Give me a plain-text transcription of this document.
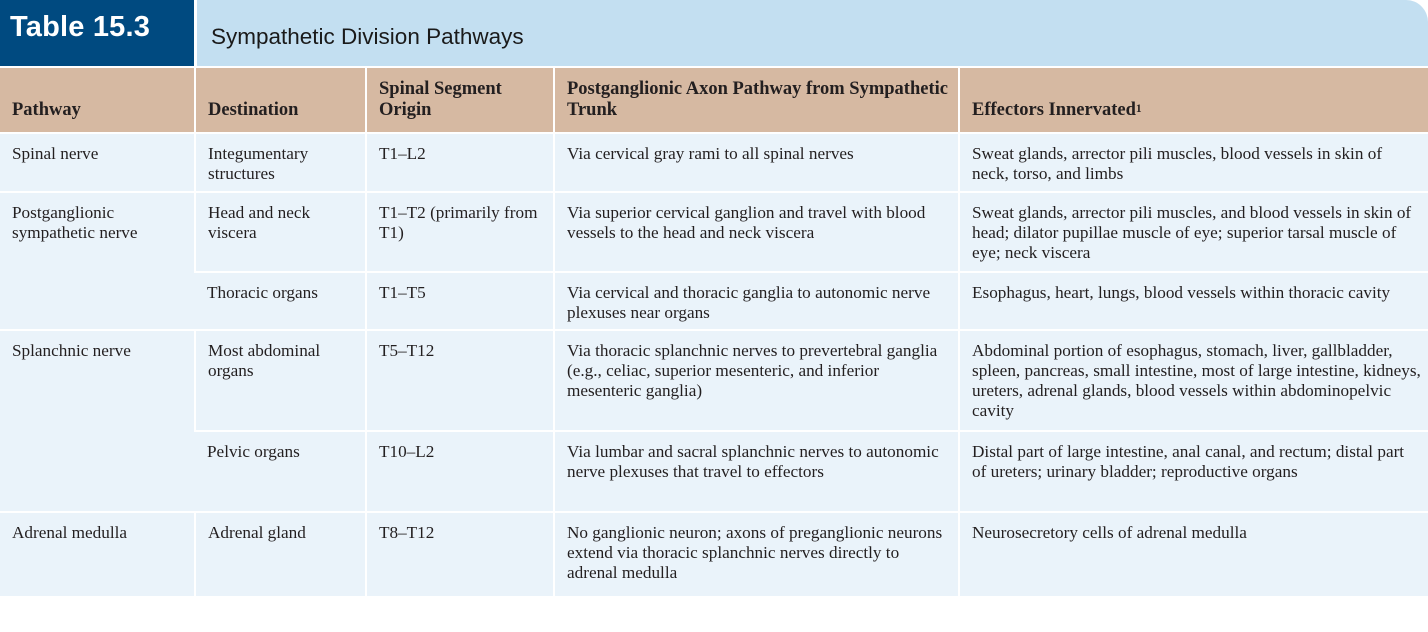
Table 15.3	Sympathetic Division Pathways
Pathway	Destination	Spinal Segment Origin	Postganglionic Axon Pathway from Sympathetic Trunk	Effectors Innervated$^1$
Spinal nerve	Integumentary structures	T1–L2	Via cervical gray rami to all spinal nerves	Sweat glands, arrector pili muscles, blood vessels in skin of neck, torso, and limbs
Postganglionic sympathetic nerve	Head and neck viscera	T1–T2 (primarily from T1)	Via superior cervical ganglion and travel with blood vessels to the head and neck viscera	Sweat glands, arrector pili muscles, and blood vessels in skin of head; dilator pupillae muscle of eye; superior tarsal muscle of eye; neck viscera
	Thoracic organs	T1–T5	Via cervical and thoracic ganglia to autonomic nerve plexuses near organs	Esophagus, heart, lungs, blood vessels within thoracic cavity
Splanchnic nerve	Most abdominal organs	T5–T12	Via thoracic splanchnic nerves to prevertebral ganglia (e.g., celiac, superior mesenteric, and inferior mesenteric ganglia)	Abdominal portion of esophagus, stomach, liver, gallbladder, spleen, pancreas, small intestine, most of large intestine, kidneys, ureters, adrenal glands, blood vessels within abdominopelvic cavity
	Pelvic organs	T10–L2	Via lumbar and sacral splanchnic nerves to autonomic nerve plexuses that travel to effectors	Distal part of large intestine, anal canal, and rectum; distal part of ureters; urinary bladder; reproductive organs
Adrenal medulla	Adrenal gland	T8–T12	No ganglionic neuron; axons of preganglionic neurons extend via thoracic splanchnic nerves directly to adrenal medulla	Neurosecretory cells of adrenal medulla
